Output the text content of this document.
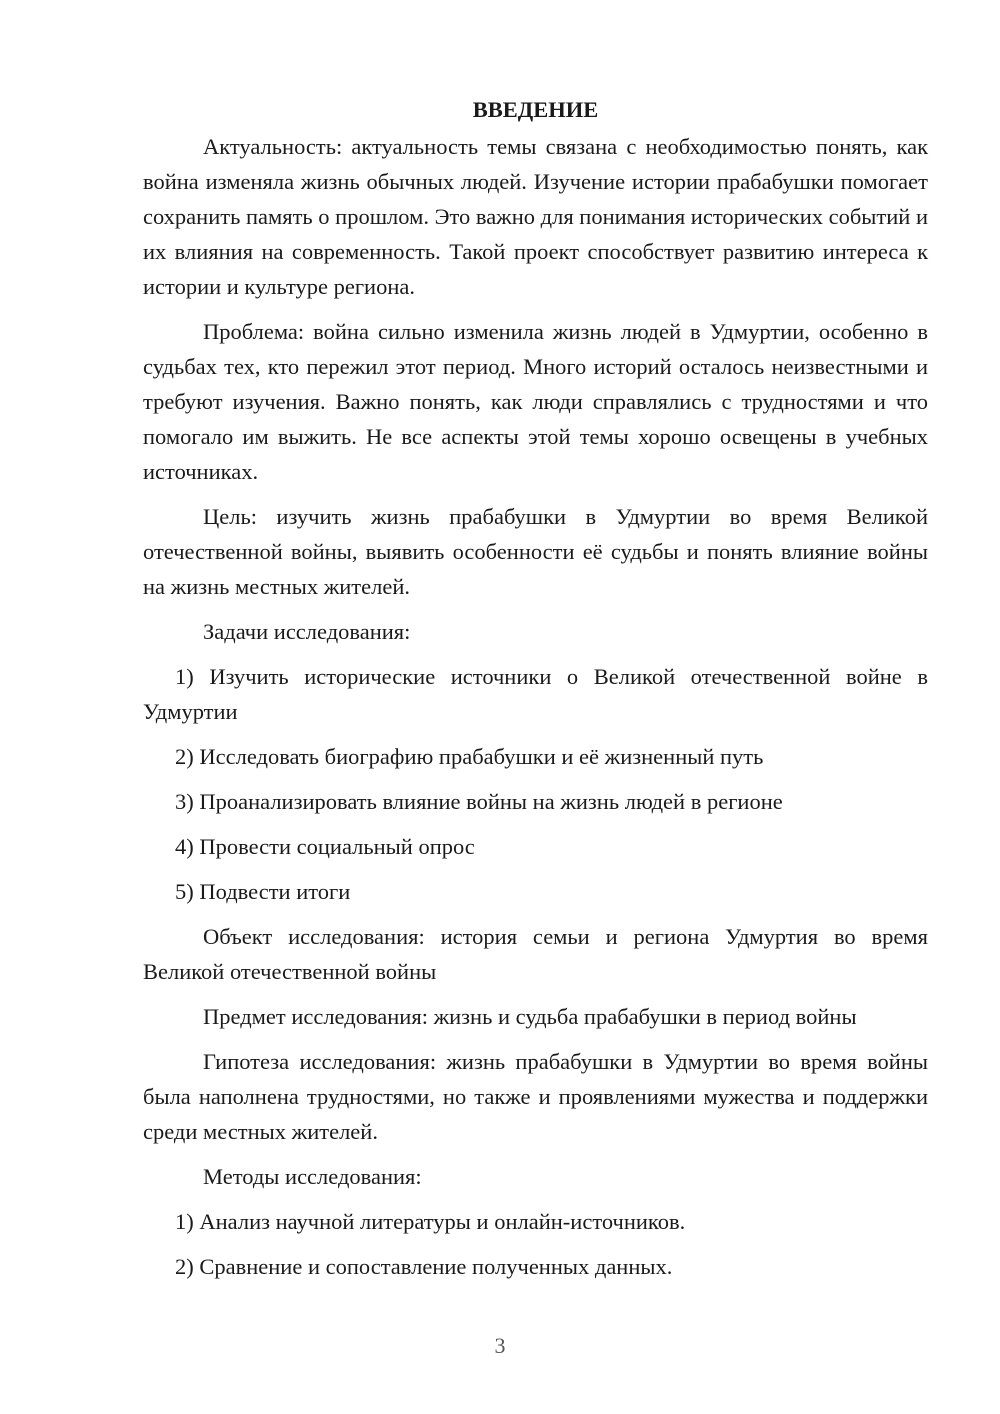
ВВЕДЕНИЕ

Актуальность: актуальность темы связана с необходимостью понять, как война изменяла жизнь обычных людей. Изучение истории прабабушки помогает сохранить память о прошлом. Это важно для понимания исторических событий и их влияния на современность. Такой проект способствует развитию интереса к истории и культуре региона.

Проблема: война сильно изменила жизнь людей в Удмуртии, особенно в судьбах тех, кто пережил этот период. Много историй осталось неизвестными и требуют изучения. Важно понять, как люди справлялись с трудностями и что помогало им выжить. Не все аспекты этой темы хорошо освещены в учебных источниках.

Цель: изучить жизнь прабабушки в Удмуртии во время Великой отечественной войны, выявить особенности её судьбы и понять влияние войны на жизнь местных жителей.

Задачи исследования:

1) Изучить исторические источники о Великой отечественной войне в Удмуртии

2) Исследовать биографию прабабушки и её жизненный путь

3) Проанализировать влияние войны на жизнь людей в регионе

4) Провести социальный опрос

5) Подвести итоги

Объект исследования: история семьи и региона Удмуртия во время Великой отечественной войны

Предмет исследования: жизнь и судьба прабабушки в период войны

Гипотеза исследования: жизнь прабабушки в Удмуртии во время войны была наполнена трудностями, но также и проявлениями мужества и поддержки среди местных жителей.

Методы исследования:

1) Анализ научной литературы и онлайн-источников.

2) Сравнение и сопоставление полученных данных.

3
